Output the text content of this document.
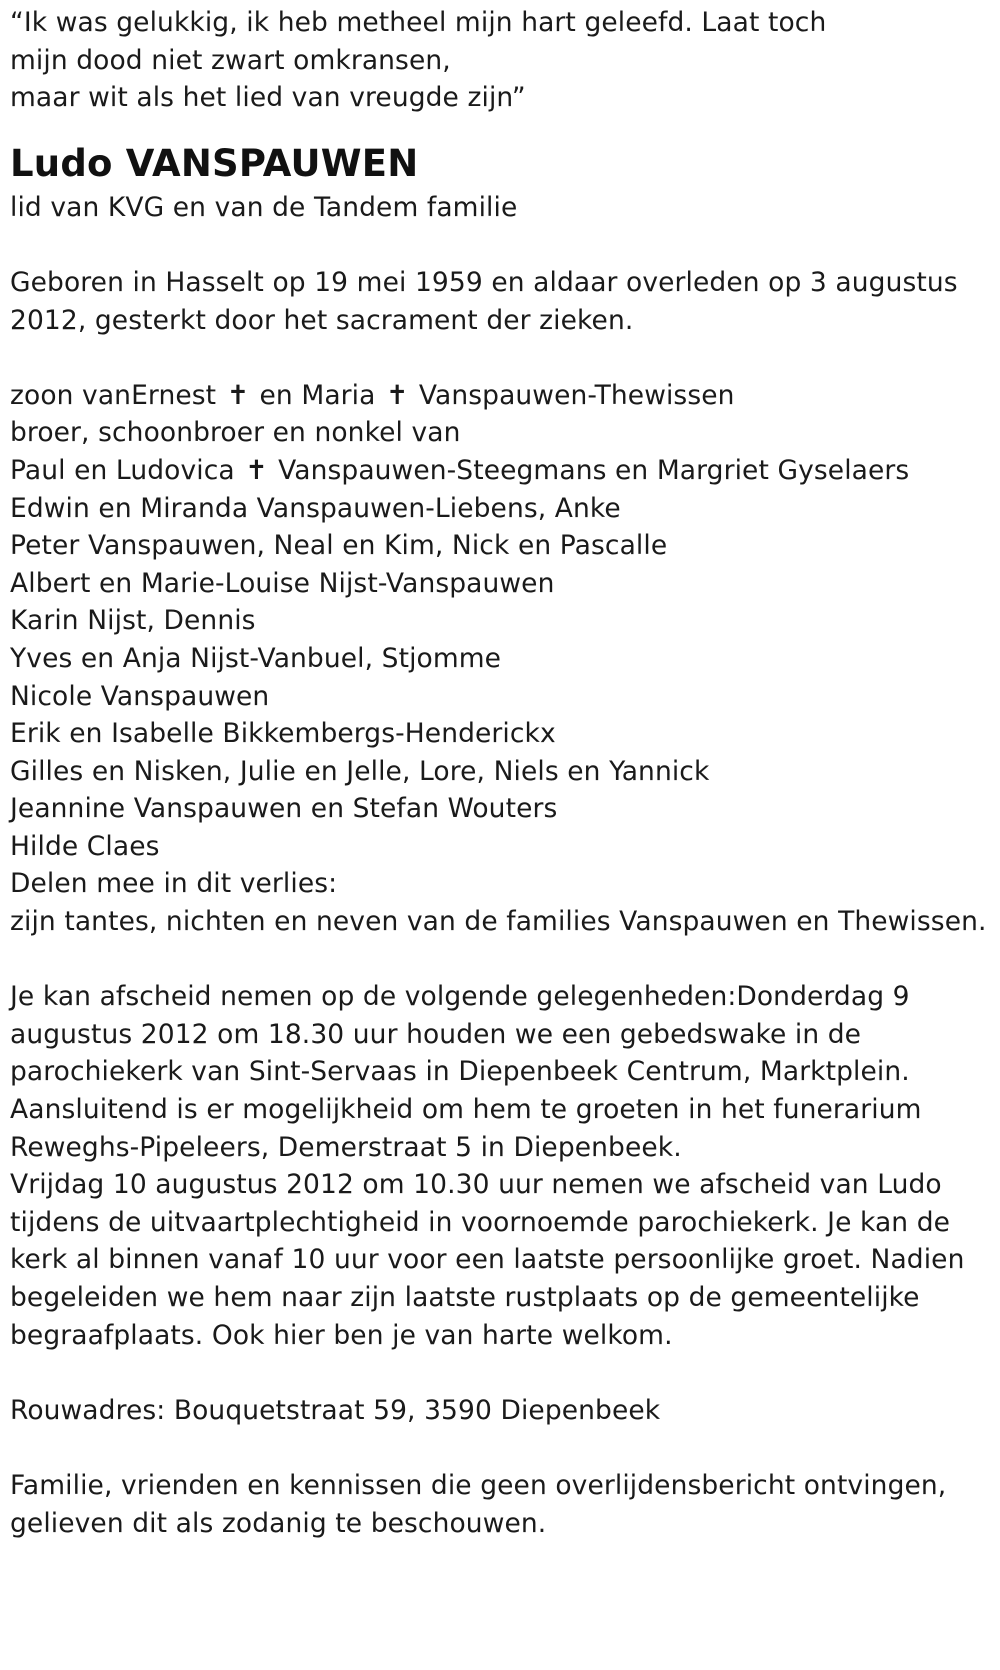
“Ik was gelukkig, ik heb metheel mijn hart geleefd. Laat toch
mijn dood niet zwart omkransen,
maar wit als het lied van vreugde zijn”
Ludo VANSPAUWEN
lid van KVG en van de Tandem familie
Geboren in Hasselt op 19 mei 1959 en aldaar overleden op 3 augustus
2012, gesterkt door het sacrament der zieken.
zoon vanErnest ✝ en Maria ✝ Vanspauwen-Thewissen
broer, schoonbroer en nonkel van
Paul en Ludovica ✝ Vanspauwen-Steegmans en Margriet Gyselaers
Edwin en Miranda Vanspauwen-Liebens, Anke
Peter Vanspauwen, Neal en Kim, Nick en Pascalle
Albert en Marie-Louise Nijst-Vanspauwen
Karin Nijst, Dennis
Yves en Anja Nijst-Vanbuel, Stjomme
Nicole Vanspauwen
Erik en Isabelle Bikkembergs-Henderickx
Gilles en Nisken, Julie en Jelle, Lore, Niels en Yannick
Jeannine Vanspauwen en Stefan Wouters
Hilde Claes
Delen mee in dit verlies:
zijn tantes, nichten en neven van de families Vanspauwen en Thewissen.
Je kan afscheid nemen op de volgende gelegenheden:Donderdag 9
augustus 2012 om 18.30 uur houden we een gebedswake in de
parochiekerk van Sint-Servaas in Diepenbeek Centrum, Marktplein.
Aansluitend is er mogelijkheid om hem te groeten in het funerarium
Reweghs-Pipeleers, Demerstraat 5 in Diepenbeek.
Vrijdag 10 augustus 2012 om 10.30 uur nemen we afscheid van Ludo
tijdens de uitvaartplechtigheid in voornoemde parochiekerk. Je kan de
kerk al binnen vanaf 10 uur voor een laatste persoonlijke groet. Nadien
begeleiden we hem naar zijn laatste rustplaats op de gemeentelijke
begraafplaats. Ook hier ben je van harte welkom.
Rouwadres: Bouquetstraat 59, 3590 Diepenbeek
Familie, vrienden en kennissen die geen overlijdensbericht ontvingen,
gelieven dit als zodanig te beschouwen.
